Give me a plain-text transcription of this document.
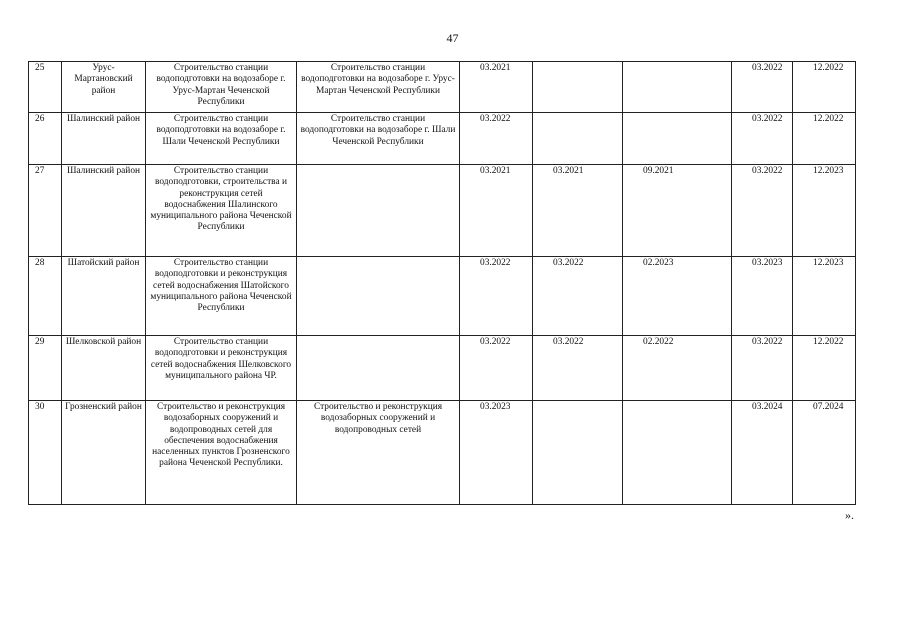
47
25	Урус-Мартановский район	Строительство станции водоподготовки на водозаборе г. Урус-Мартан Чеченской Республики	Строительство станции водоподготовки на водозаборе г. Урус-Мартан Чеченской Республики	03.2021			03.2022	12.2022
26	Шалинский район	Строительство станции водоподготовки на водозаборе г. Шали Чеченской Республики	Строительство станции водоподготовки на водозаборе г. Шали Чеченской Республики	03.2022			03.2022	12.2022
27	Шалинский район	Строительство станции водоподготовки, строительства и реконструкция сетей водоснабжения Шалинского муниципального района Чеченской Республики		03.2021	03.2021	09.2021	03.2022	12.2023
28	Шатойский район	Строительство станции водоподготовки и реконструкция сетей водоснабжения Шатойского муниципального района Чеченской Республики		03.2022	03.2022	02.2023	03.2023	12.2023
29	Шелковской район	Строительство станции водоподготовки и реконструкция сетей водоснабжения Шелковского муниципального района ЧР.		03.2022	03.2022	02.2022	03.2022	12.2022
30	Грозненский район	Строительство и реконструкция водозаборных сооружений и водопроводных сетей для обеспечения водоснабжения населенных пунктов Грозненского района Чеченской Республики.	Строительство и реконструкция водозаборных сооружений и водопроводных сетей	03.2023			03.2024	07.2024
».
